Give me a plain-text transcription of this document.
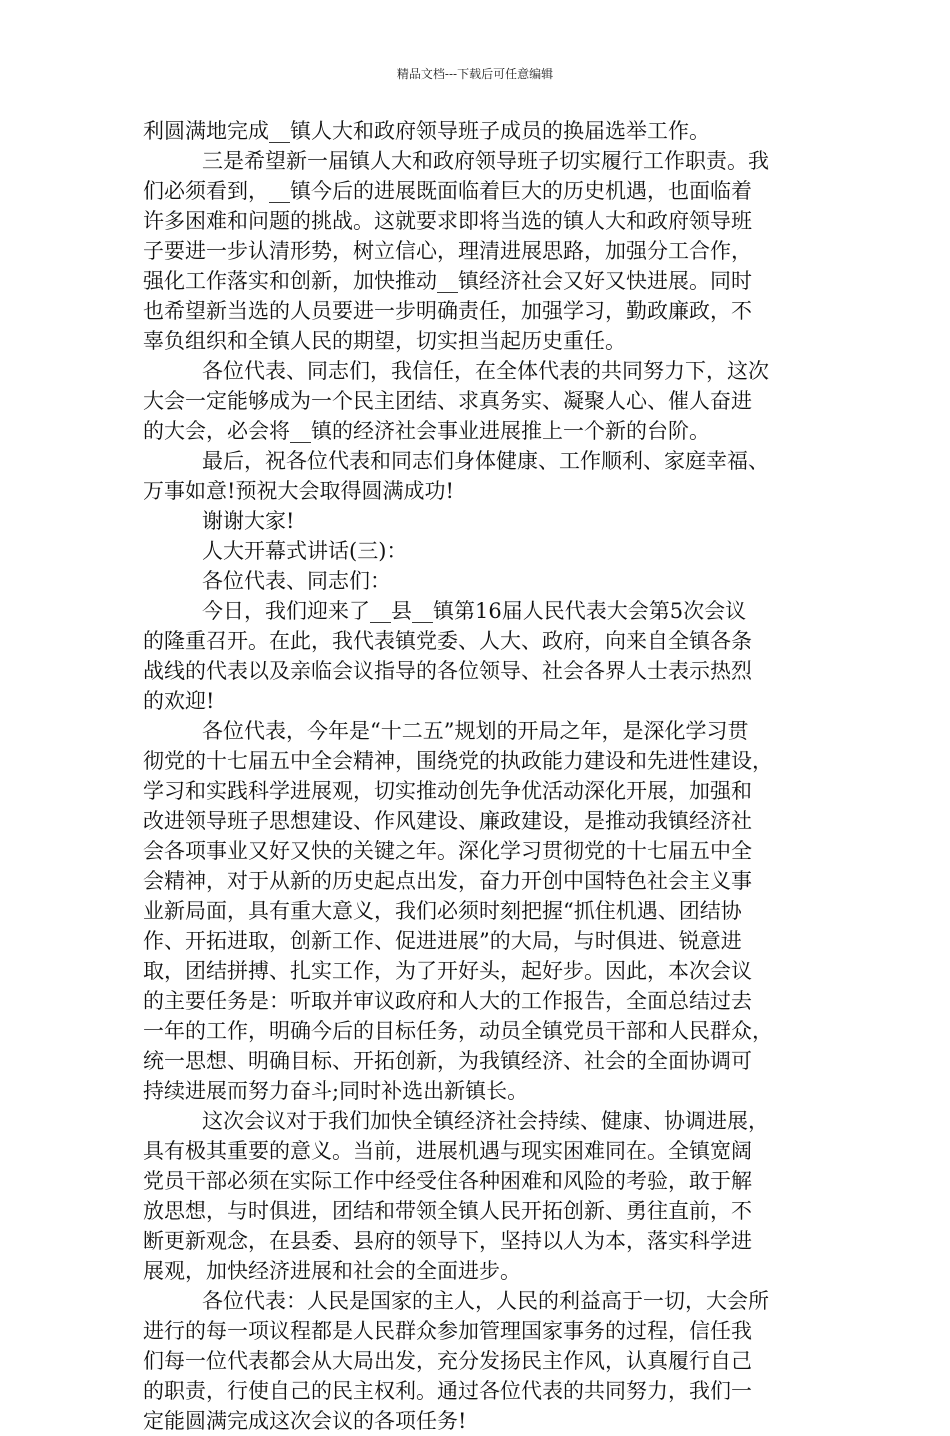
精品文档---下载后可任意编辑
利圆满地完成__镇人大和政府领导班子成员的换届选举工作。
三是希望新一届镇人大和政府领导班子切实履行工作职责。我
们必须看到，__镇今后的进展既面临着巨大的历史机遇，也面临着
许多困难和问题的挑战。这就要求即将当选的镇人大和政府领导班
子要进一步认清形势，树立信心，理清进展思路，加强分工合作，
强化工作落实和创新，加快推动__镇经济社会又好又快进展。同时
也希望新当选的人员要进一步明确责任，加强学习，勤政廉政，不
辜负组织和全镇人民的期望，切实担当起历史重任。
各位代表、同志们，我信任，在全体代表的共同努力下，这次
大会一定能够成为一个民主团结、求真务实、凝聚人心、催人奋进
的大会，必会将__镇的经济社会事业进展推上一个新的台阶。
最后，祝各位代表和同志们身体健康、工作顺利、家庭幸福、
万事如意!预祝大会取得圆满成功!
谢谢大家!
人大开幕式讲话(三)：
各位代表、同志们：
今日，我们迎来了__县__镇第16届人民代表大会第5次会议
的隆重召开。在此，我代表镇党委、人大、政府，向来自全镇各条
战线的代表以及亲临会议指导的各位领导、社会各界人士表示热烈
的欢迎!
各位代表，今年是“十二五”规划的开局之年，是深化学习贯
彻党的十七届五中全会精神，围绕党的执政能力建设和先进性建设，
学习和实践科学进展观，切实推动创先争优活动深化开展，加强和
改进领导班子思想建设、作风建设、廉政建设，是推动我镇经济社
会各项事业又好又快的关键之年。深化学习贯彻党的十七届五中全
会精神，对于从新的历史起点出发，奋力开创中国特色社会主义事
业新局面，具有重大意义，我们必须时刻把握“抓住机遇、团结协
作、开拓进取，创新工作、促进进展”的大局，与时俱进、锐意进
取，团结拼搏、扎实工作，为了开好头，起好步。因此，本次会议
的主要任务是：听取并审议政府和人大的工作报告，全面总结过去
一年的工作，明确今后的目标任务，动员全镇党员干部和人民群众，
统一思想、明确目标、开拓创新，为我镇经济、社会的全面协调可
持续进展而努力奋斗;同时补选出新镇长。
这次会议对于我们加快全镇经济社会持续、健康、协调进展，
具有极其重要的意义。当前，进展机遇与现实困难同在。全镇宽阔
党员干部必须在实际工作中经受住各种困难和风险的考验，敢于解
放思想，与时俱进，团结和带领全镇人民开拓创新、勇往直前，不
断更新观念，在县委、县府的领导下，坚持以人为本，落实科学进
展观，加快经济进展和社会的全面进步。
各位代表：人民是国家的主人，人民的利益高于一切，大会所
进行的每一项议程都是人民群众参加管理国家事务的过程，信任我
们每一位代表都会从大局出发，充分发扬民主作风，认真履行自己
的职责，行使自己的民主权利。通过各位代表的共同努力，我们一
定能圆满完成这次会议的各项任务!
